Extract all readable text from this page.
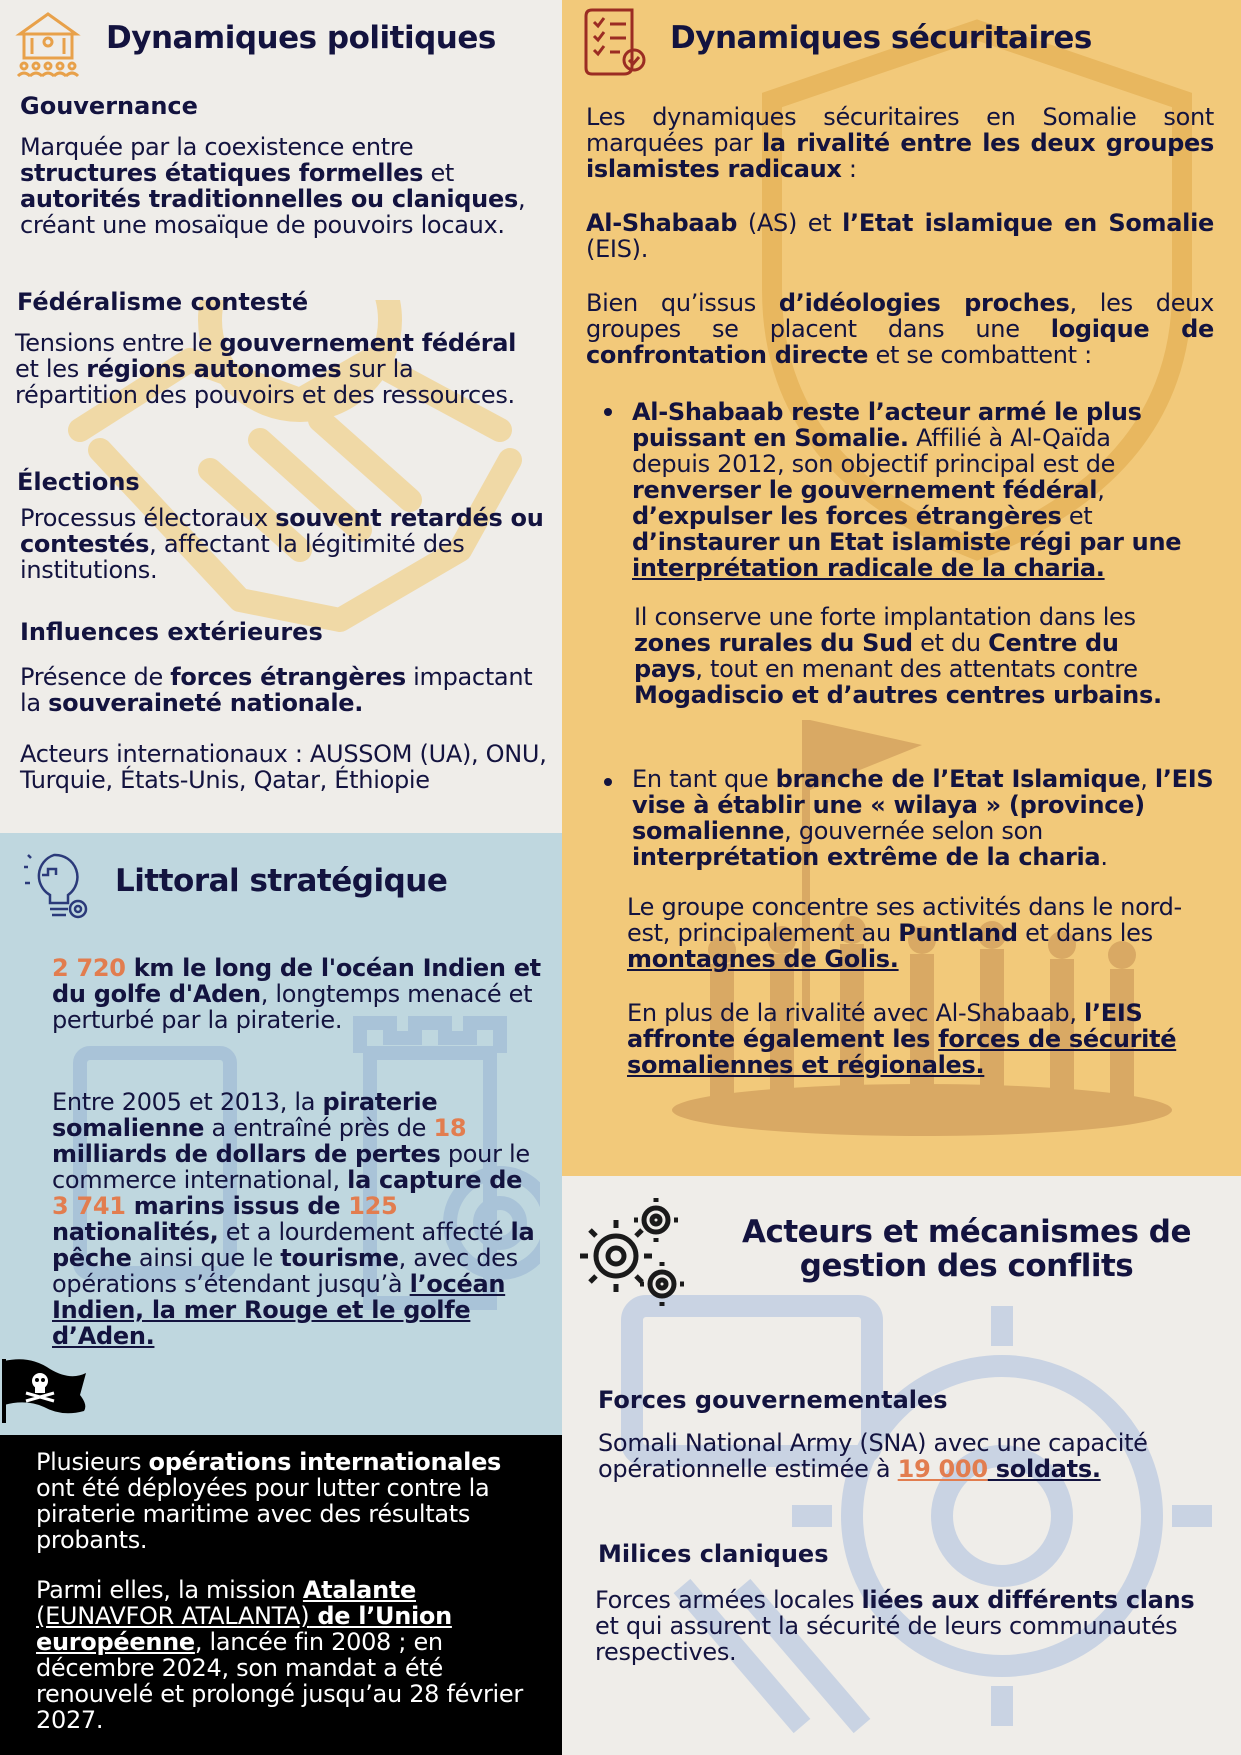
Dynamiques politiques
Gouvernance

Marquée par la coexistence entre structures étatiques formelles et autorités traditionnelles ou claniques, créant une mosaïque de pouvoirs locaux.

Fédéralisme contesté

Tensions entre le gouvernement fédéral et les régions autonomes sur la répartition des pouvoirs et des ressources.

Élections

Processus électoraux souvent retardés ou contestés, affectant la légitimité des institutions.

Influences extérieures

Présence de forces étrangères impactant la souveraineté nationale.

Acteurs internationaux : AUSSOM (UA), ONU, Turquie, États-Unis, Qatar, Éthiopie

Dynamiques sécuritaires

Les dynamiques sécuritaires en Somalie sont marquées par la rivalité entre les deux groupes islamistes radicaux :

Al-Shabaab (AS) et l’Etat islamique en Somalie (EIS).

Bien qu’issus d’idéologies proches, les deux groupes se placent dans une logique de confrontation directe et se combattent :

Al-Shabaab reste l’acteur armé le plus puissant en Somalie. Affilié à Al-Qaïda depuis 2012, son objectif principal est de renverser le gouvernement fédéral, d’expulser les forces étrangères et d’instaurer un Etat islamiste régi par une interprétation radicale de la charia.

Il conserve une forte implantation dans les zones rurales du Sud et du Centre du pays, tout en menant des attentats contre Mogadiscio et d’autres centres urbains.

En tant que branche de l’Etat Islamique, l’EIS vise à établir une « wilaya » (province) somalienne, gouvernée selon son interprétation extrême de la charia.

Le groupe concentre ses activités dans le nord-est, principalement au Puntland et dans les montagnes de Golis.

En plus de la rivalité avec Al-Shabaab, l’EIS affronte également les forces de sécurité somaliennes et régionales.

Littoral stratégique

2 720 km le long de l'océan Indien et du golfe d'Aden, longtemps menacé et perturbé par la piraterie.

Entre 2005 et 2013, la piraterie somalienne a entraîné près de 18 milliards de dollars de pertes pour le commerce international, la capture de 3 741 marins issus de 125 nationalités, et a lourdement affecté la pêche ainsi que le tourisme, avec des opérations s’étendant jusqu’à l’océan Indien, la mer Rouge et le golfe d’Aden.

Plusieurs opérations internationales ont été déployées pour lutter contre la piraterie maritime avec des résultats probants.

Parmi elles, la mission Atalante (EUNAVFOR ATALANTA) de l’Union européenne, lancée fin 2008 ; en décembre 2024, son mandat a été renouvelé et prolongé jusqu’au 28 février 2027.

Acteurs et mécanismes de
gestion des conflits
Forces gouvernementales

Somali National Army (SNA) avec une capacité opérationnelle estimée à 19 000 soldats.

Milices claniques

Forces armées locales liées aux différents clans et qui assurent la sécurité de leurs communautés respectives.
